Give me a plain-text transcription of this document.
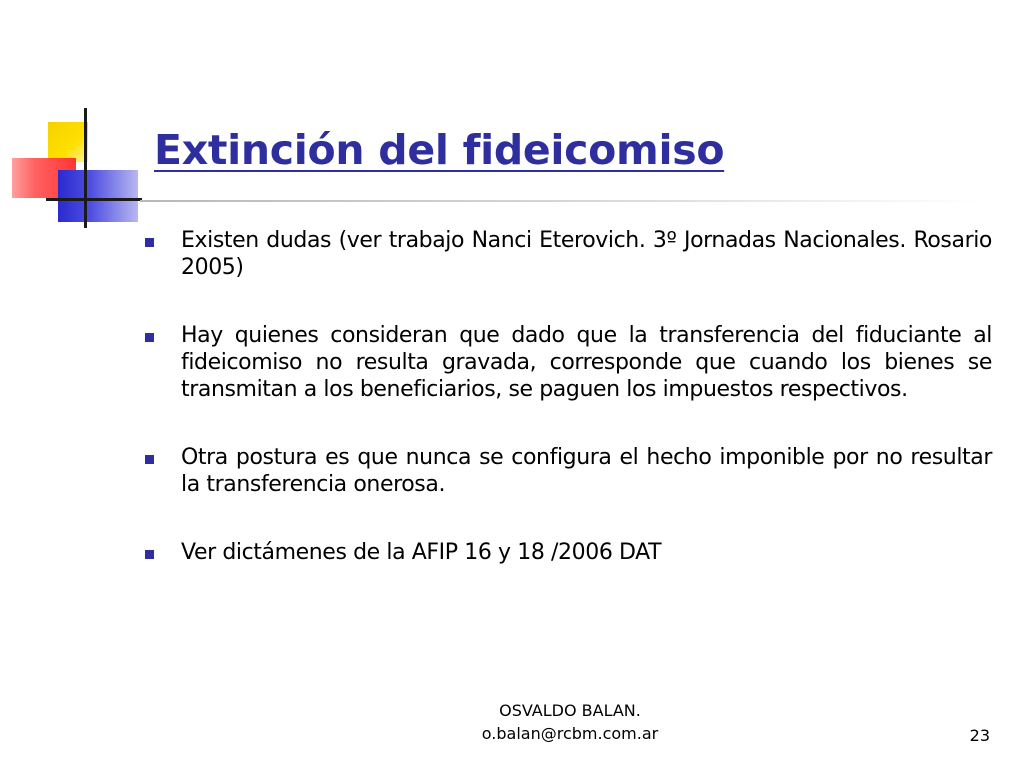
Extinción del fideicomiso
Existen dudas (ver trabajo Nanci Eterovich. 3º Jornadas Nacionales. Rosario 2005)
Hay quienes consideran que dado que la transferencia del fiduciante al fideicomiso no resulta gravada, corresponde que cuando los bienes se transmitan a los beneficiarios, se paguen los impuestos respectivos.
Otra postura es que nunca se configura el hecho imponible por no resultar la transferencia onerosa.
Ver dictámenes de la AFIP 16 y 18 /2006 DAT
OSVALDO BALAN.
o.balan@rcbm.com.ar	23
